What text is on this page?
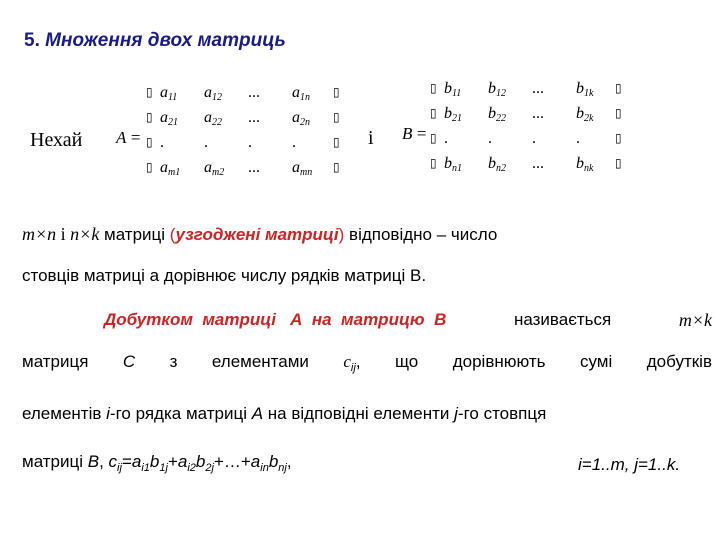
5. Множення двох матриць
Нехай A =
▯
▯
▯
▯
$a_{11}$	$a_{12}$	...	$a_{1n}$
$a_{21}$	$a_{22}$	...	$a_{2n}$
.	.	.	.
$a_{m1}$	$a_{m2}$	...	$a_{mn}$
▯
▯
▯
▯
і B =
▯
▯
▯
▯
$b_{11}$	$b_{12}$	...	$b_{1k}$
$b_{21}$	$b_{22}$	...	$b_{2k}$
.	.	.	.
$b_{n1}$	$b_{n2}$	...	$b_{nk}$
▯
▯
▯
▯
m×n і n×k матриці (узгоджені матриці) відповідно – число
стовців матриці а дорівнює числу рядків матриці В.
Добутком  матриці   А  на  матрицю  В	називається	m×k
матриця C з елементами $c_{ij}$, що дорівнюють сумі добутків
елементів i-го рядка матриці A на відповідні елементи j-го стовпця
матриці B, $c_{ij}=a_{i1}b_{1j}+a_{i2}b_{2j}+\dots+a_{in}b_{nj}$,	i=1..m, j=1..k.
